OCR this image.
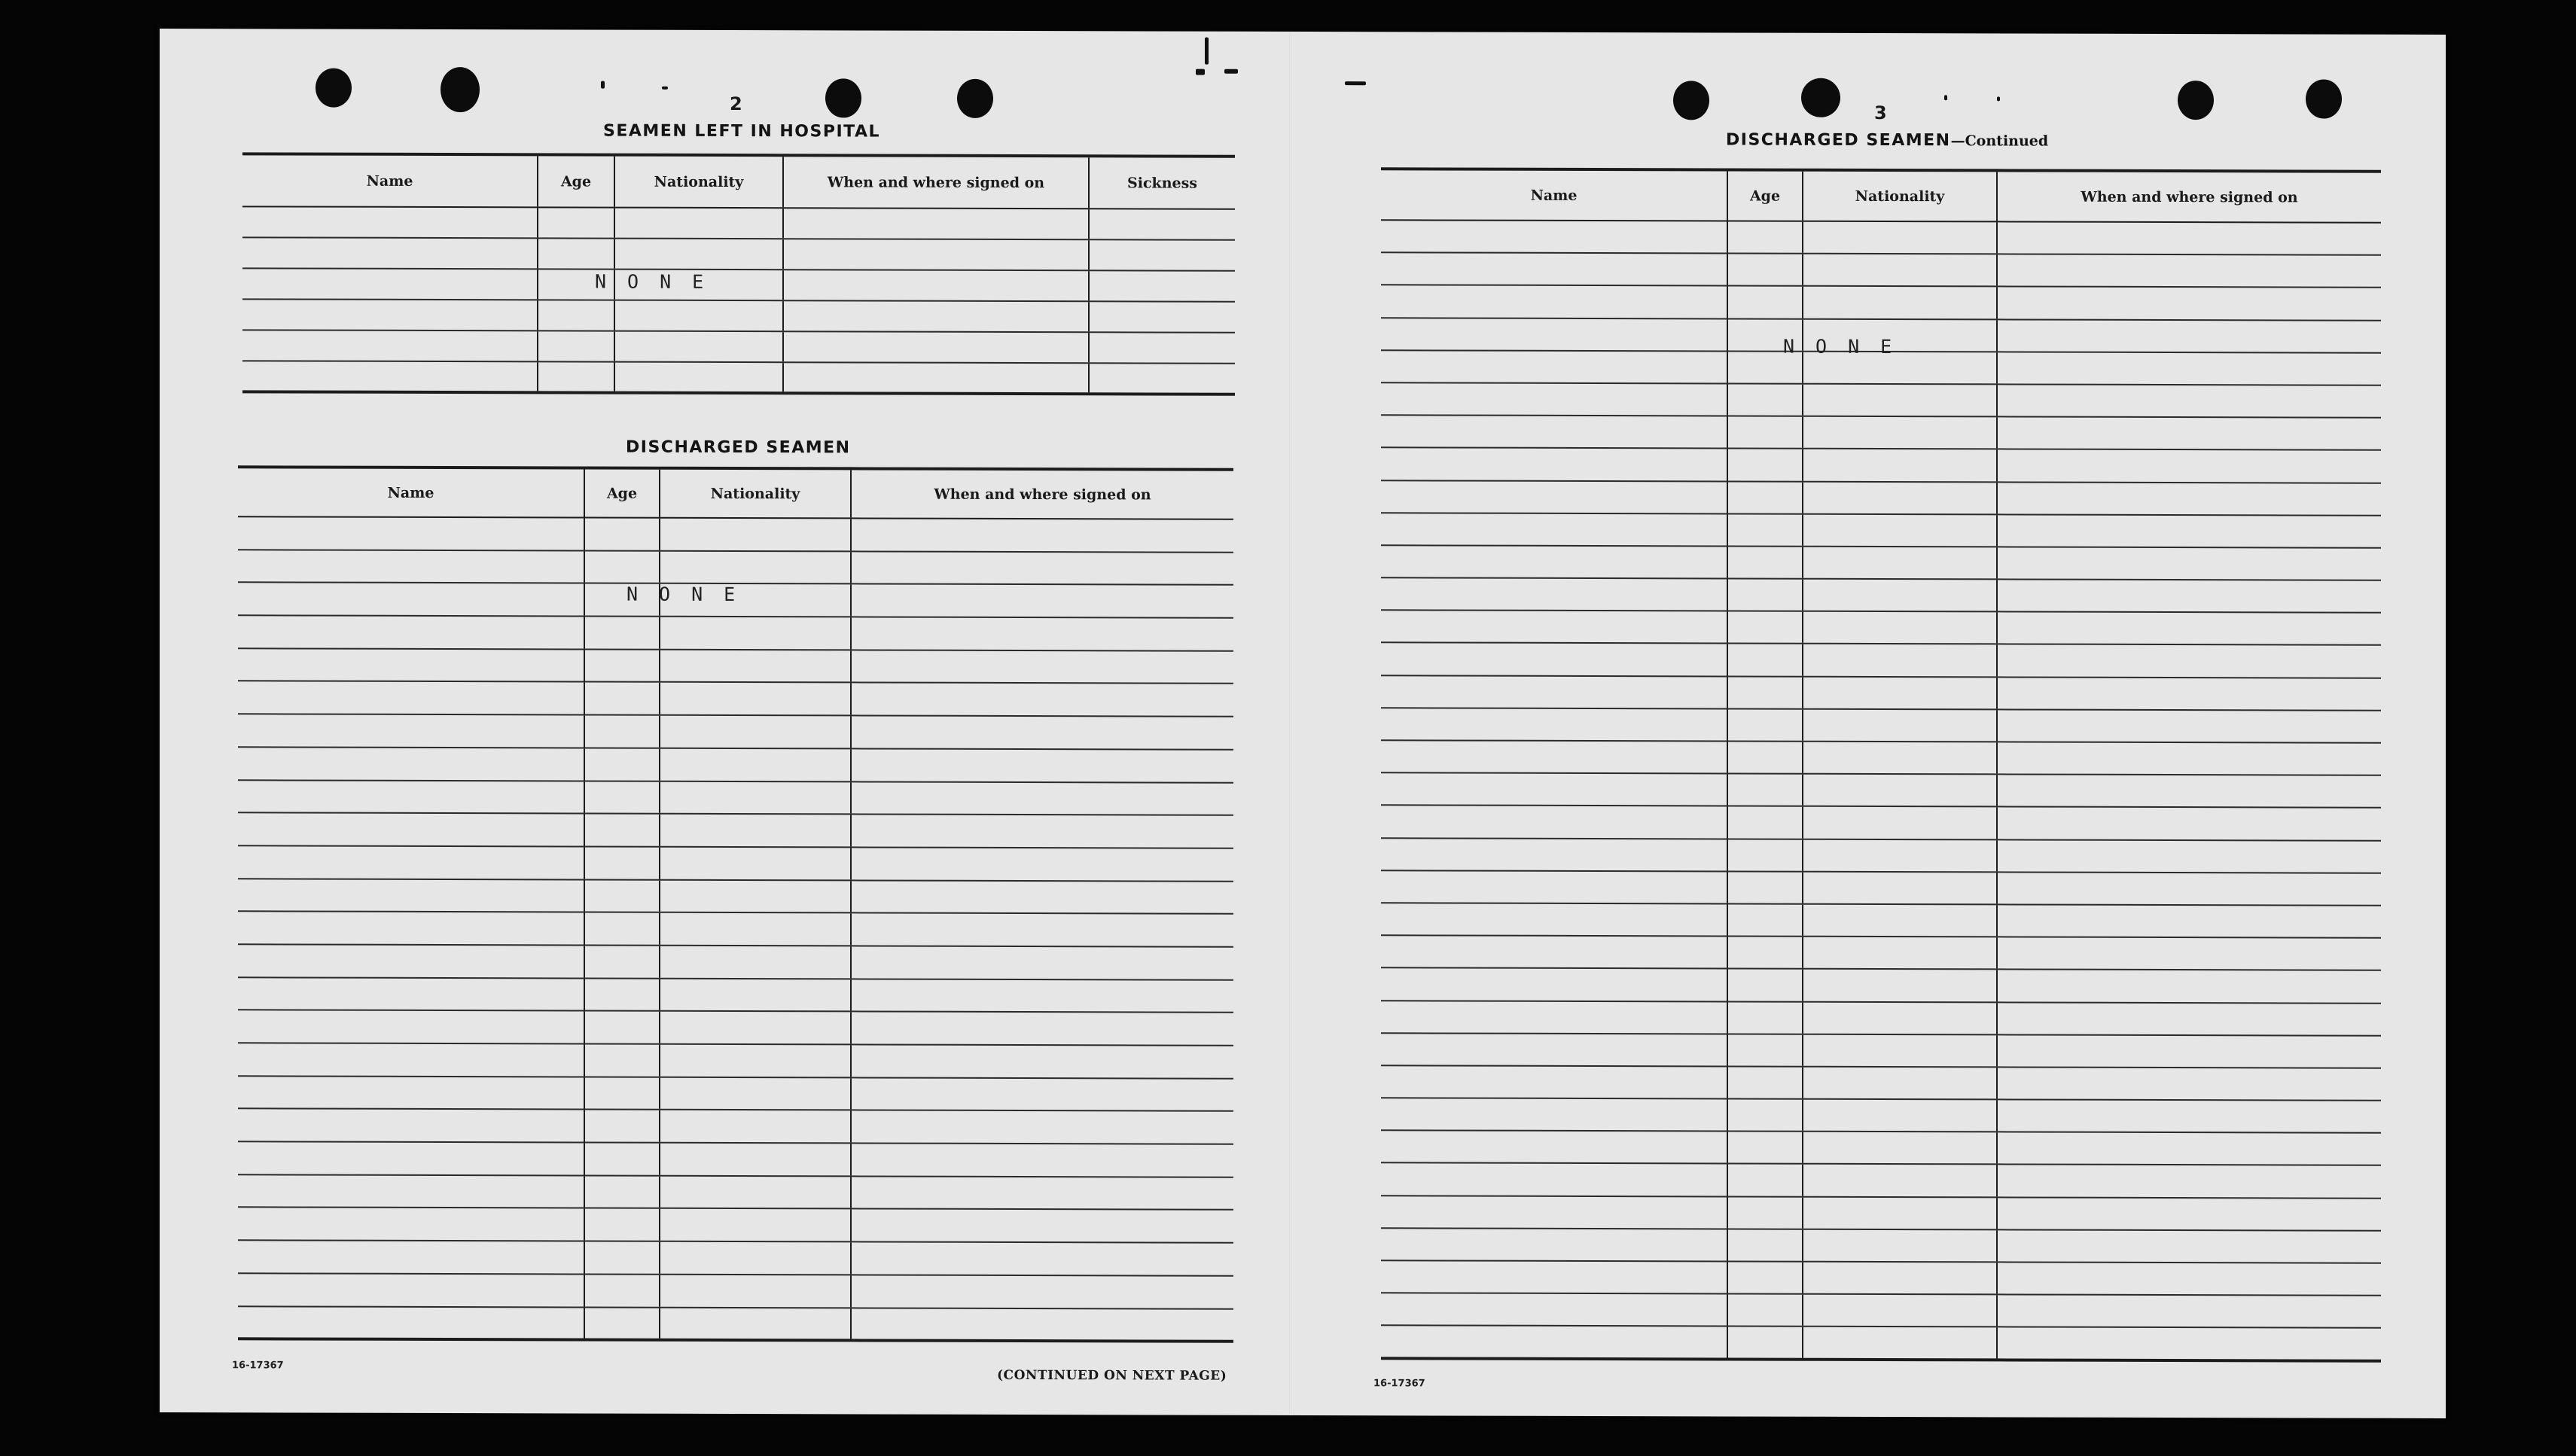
2
SEAMEN LEFT IN HOSPITAL
Name	Age	Nationality	When and where signed on	Sickness

NONE
DISCHARGED SEAMEN
Name	Age	Nationality	When and where signed on

NONE
16-17367
(CONTINUED ON NEXT PAGE)
3
DISCHARGED SEAMEN—Continued
Name	Age	Nationality	When and where signed on

NONE
16-17367
